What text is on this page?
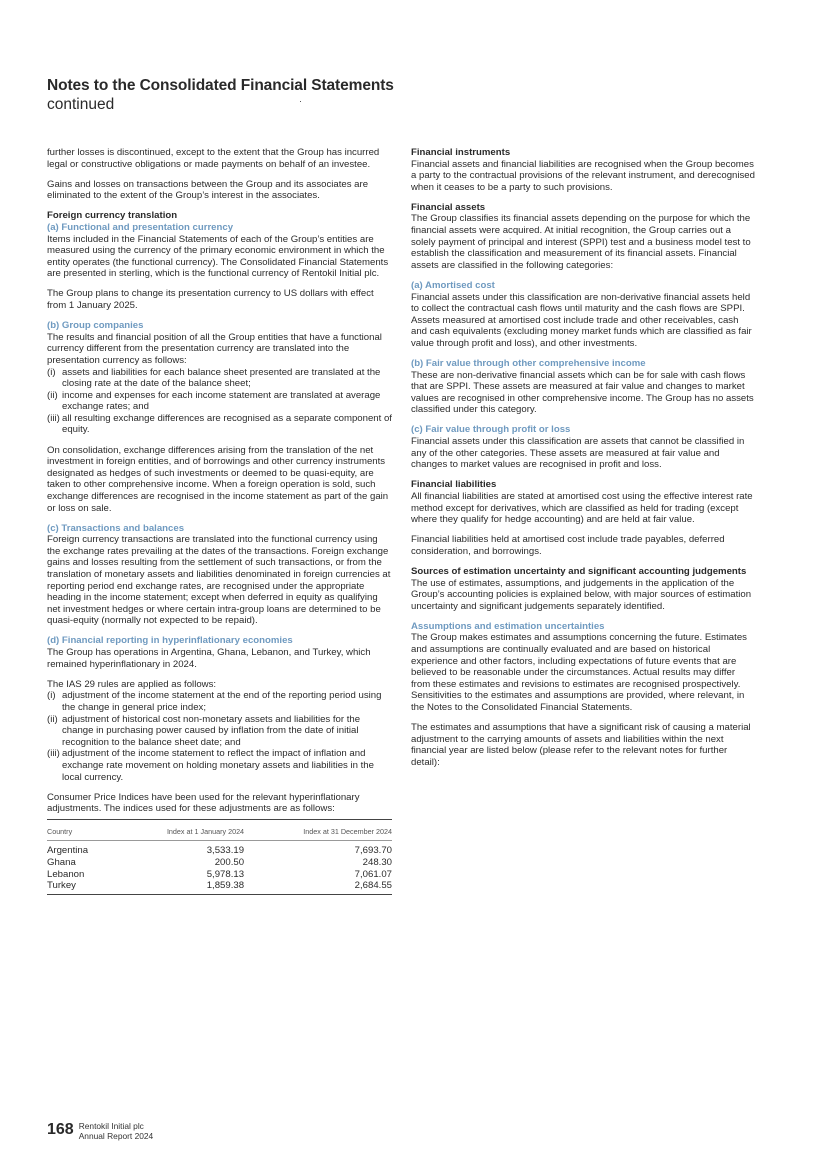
Notes to the Consolidated Financial Statements
continued

further losses is discontinued, except to the extent that the Group has incurred legal or constructive obligations or made payments on behalf of an investee.

Gains and losses on transactions between the Group and its associates are eliminated to the extent of the Group’s interest in the associates.

Foreign currency translation

(a) Functional and presentation currency

Items included in the Financial Statements of each of the Group’s entities are measured using the currency of the primary economic environment in which the entity operates (the functional currency). The Consolidated Financial Statements are presented in sterling, which is the functional currency of Rentokil Initial plc.

The Group plans to change its presentation currency to US dollars with effect from 1 January 2025.

(b) Group companies

The results and financial position of all the Group entities that have a functional currency different from the presentation currency are translated into the presentation currency as follows:

(i) assets and liabilities for each balance sheet presented are translated at the closing rate at the date of the balance sheet;
(ii) income and expenses for each income statement are translated at average exchange rates; and
(iii) all resulting exchange differences are recognised as a separate component of equity.

On consolidation, exchange differences arising from the translation of the net investment in foreign entities, and of borrowings and other currency instruments designated as hedges of such investments or deemed to be quasi-equity, are taken to other comprehensive income. When a foreign operation is sold, such exchange differences are recognised in the income statement as part of the gain or loss on sale.

(c) Transactions and balances

Foreign currency transactions are translated into the functional currency using the exchange rates prevailing at the dates of the transactions. Foreign exchange gains and losses resulting from the settlement of such transactions, or from the translation of monetary assets and liabilities denominated in foreign currencies at reporting period end exchange rates, are recognised under the appropriate heading in the income statement; except when deferred in equity as qualifying net investment hedges or where certain intra-group loans are determined to be quasi-equity (normally not expected to be repaid).

(d) Financial reporting in hyperinflationary economies

The Group has operations in Argentina, Ghana, Lebanon, and Turkey, which remained hyperinflationary in 2024.

The IAS 29 rules are applied as follows:

(i) adjustment of the income statement at the end of the reporting period using the change in general price index;
(ii) adjustment of historical cost non-monetary assets and liabilities for the change in purchasing power caused by inflation from the date of initial recognition to the balance sheet date; and
(iii) adjustment of the income statement to reflect the impact of inflation and exchange rate movement on holding monetary assets and liabilities in the local currency.

Consumer Price Indices have been used for the relevant hyperinflationary adjustments. The indices used for these adjustments are as follows:

Country	Index at 1 January 2024	Index at 31 December 2024
Argentina	3,533.19	7,693.70
Ghana	200.50	248.30
Lebanon	5,978.13	7,061.07
Turkey	1,859.38	2,684.55

Financial instruments

Financial assets and financial liabilities are recognised when the Group becomes a party to the contractual provisions of the relevant instrument, and derecognised when it ceases to be a party to such provisions.

Financial assets

The Group classifies its financial assets depending on the purpose for which the financial assets were acquired. At initial recognition, the Group carries out a solely payment of principal and interest (SPPI) test and a business model test to establish the classification and measurement of its financial assets. Financial assets are classified in the following categories:

(a) Amortised cost

Financial assets under this classification are non-derivative financial assets held to collect the contractual cash flows until maturity and the cash flows are SPPI. Assets measured at amortised cost include trade and other receivables, cash and cash equivalents (excluding money market funds which are classified as fair value through profit and loss), and other investments.

(b) Fair value through other comprehensive income

These are non-derivative financial assets which can be for sale with cash flows that are SPPI. These assets are measured at fair value and changes to market values are recognised in other comprehensive income. The Group has no assets classified under this category.

(c) Fair value through profit or loss

Financial assets under this classification are assets that cannot be classified in any of the other categories. These assets are measured at fair value and changes to market values are recognised in profit and loss.

Financial liabilities

All financial liabilities are stated at amortised cost using the effective interest rate method except for derivatives, which are classified as held for trading (except where they qualify for hedge accounting) and are held at fair value.

Financial liabilities held at amortised cost include trade payables, deferred consideration, and borrowings.

Sources of estimation uncertainty and significant accounting judgements

The use of estimates, assumptions, and judgements in the application of the Group’s accounting policies is explained below, with major sources of estimation uncertainty and significant judgements separately identified.

Assumptions and estimation uncertainties

The Group makes estimates and assumptions concerning the future. Estimates and assumptions are continually evaluated and are based on historical experience and other factors, including expectations of future events that are believed to be reasonable under the circumstances. Actual results may differ from these estimates and revisions to estimates are recognised prospectively. Sensitivities to the estimates and assumptions are provided, where relevant, in the Notes to the Consolidated Financial Statements.

The estimates and assumptions that have a significant risk of causing a material adjustment to the carrying amounts of assets and liabilities within the next financial year are listed below (please refer to the relevant notes for further detail):

168 Rentokil Initial plc
Annual Report 2024
